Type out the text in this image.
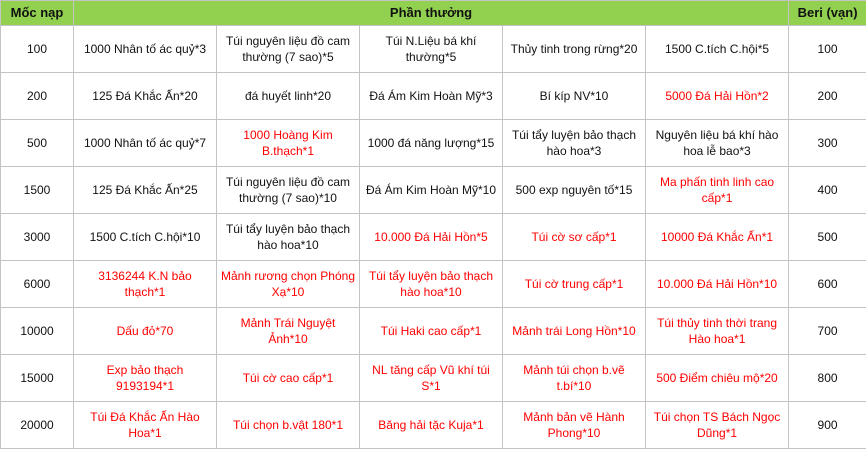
Mốc nạp	Phần thưởng					Beri (vạn)
100	1000 Nhân tố ác quỷ*3	Túi nguyên liệu đồ cam thường (7 sao)*5	Túi N.Liệu bá khí thường*5	Thủy tinh trong rừng*20	1500 C.tích C.hội*5	100
200	125 Đá Khắc Ấn*20	đá huyết linh*20	Đá Ám Kim Hoàn Mỹ*3	Bí kíp NV*10	5000 Đá Hải Hồn*2	200
500	1000 Nhân tố ác quỷ*7	1000 Hoàng Kim B.thạch*1	1000 đá năng lượng*15	Túi tẩy luyện bảo thạch hào hoa*3	Nguyên liệu bá khí hào hoa lễ bao*3	300
1500	125 Đá Khắc Ấn*25	Túi nguyên liệu đồ cam thường (7 sao)*10	Đá Ám Kim Hoàn Mỹ*10	500 exp nguyên tố*15	Ma phấn tinh linh cao cấp*1	400
3000	1500 C.tích C.hội*10	Túi tẩy luyện bảo thạch hào hoa*10	10.000 Đá Hải Hồn*5	Túi cờ sơ cấp*1	10000 Đá Khắc Ấn*1	500
6000	3136244 K.N bảo thạch*1	Mảnh rương chọn Phóng Xạ*10	Túi tẩy luyện bảo thạch hào hoa*10	Túi cờ trung cấp*1	10.000 Đá Hải Hồn*10	600
10000	Dấu đỏ*70	Mảnh Trái Nguyệt Ảnh*10	Túi Haki cao cấp*1	Mảnh trái Long Hồn*10	Túi thủy tinh thời trang Hào hoa*1	700
15000	Exp bảo thạch 9193194*1	Túi cờ cao cấp*1	NL tăng cấp Vũ khí túi S*1	Mảnh túi chọn b.vẽ t.bí*10	500 Điểm chiêu mộ*20	800
20000	Túi Đá Khắc Ấn Hào Hoa*1	Túi chọn b.vật 180*1	Băng hải tặc Kuja*1	Mảnh bản vẽ Hành Phong*10	Túi chọn TS Bách Ngọc Dũng*1	900
